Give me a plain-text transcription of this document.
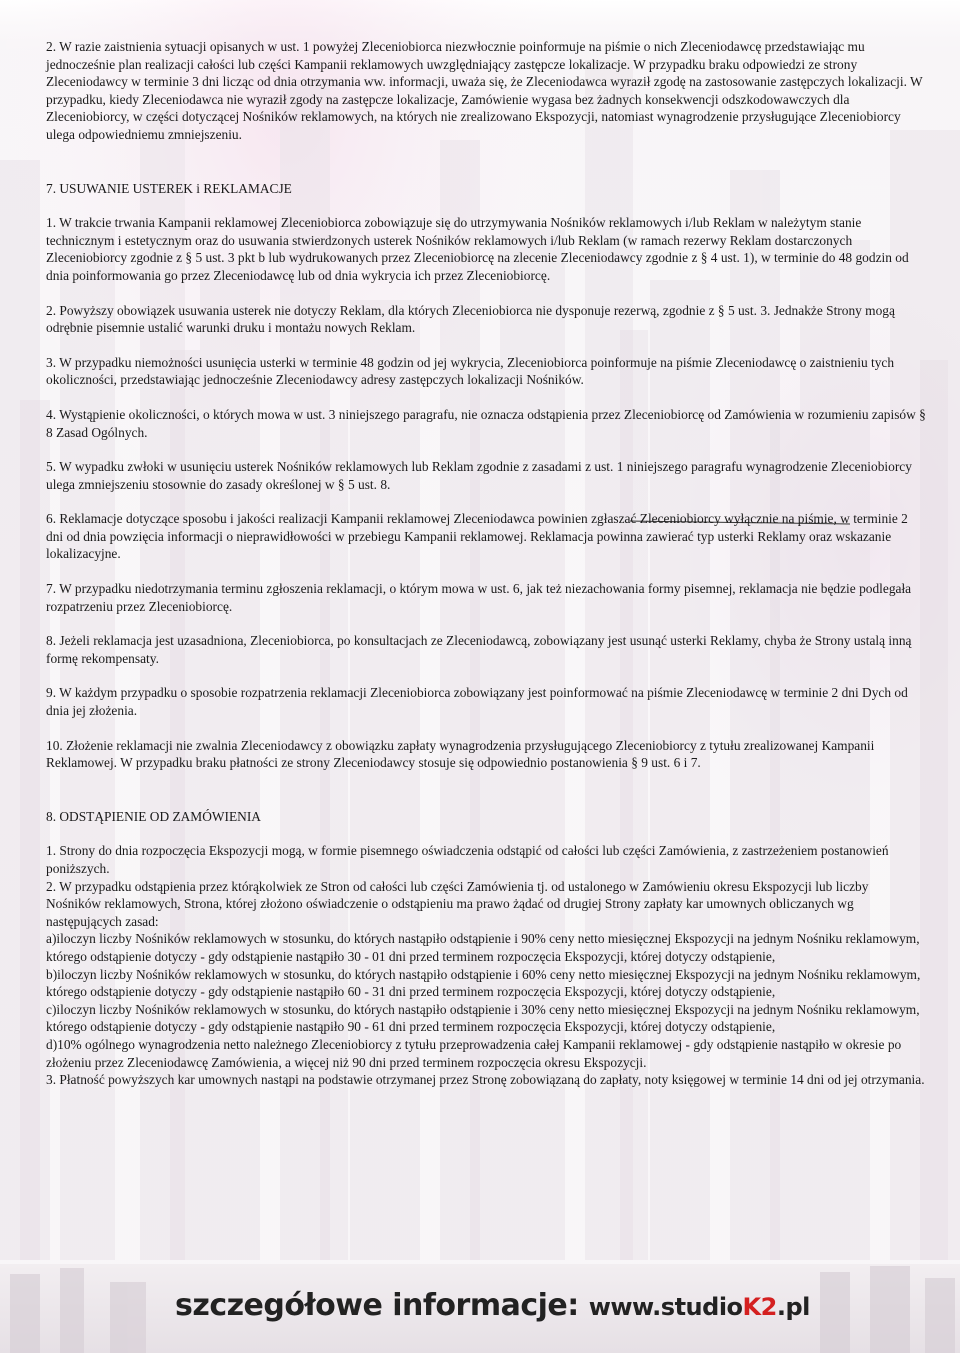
2. W razie zaistnienia sytuacji opisanych w ust. 1 powyżej Zleceniobiorca niezwłocznie poinformuje na piśmie o nich Zleceniodawcę przedstawiając mu jednocześnie plan realizacji całości lub części Kampanii reklamowych uwzględniający zastępcze lokalizacje. W przypadku braku odpowiedzi ze strony Zleceniodawcy w terminie 3 dni licząc od dnia otrzymania ww. informacji, uważa się, że Zleceniodawca wyraził zgodę na zastosowanie zastępczych lokalizacji. W przypadku, kiedy Zleceniodawca nie wyraził zgody na zastępcze lokalizacje, Zamówienie wygasa bez żadnych konsekwencji odszkodowawczych dla Zleceniobiorcy, w części dotyczącej Nośników reklamowych, na których nie zrealizowano Ekspozycji, natomiast wynagrodzenie przysługujące Zleceniobiorcy ulega odpowiedniemu zmniejszeniu.

7. USUWANIE USTEREK i REKLAMACJE

1. W trakcie trwania Kampanii reklamowej Zleceniobiorca zobowiązuje się do utrzymywania Nośników reklamowych i/lub Reklam w należytym stanie technicznym i estetycznym oraz do usuwania stwierdzonych usterek Nośników reklamowych i/lub Reklam (w ramach rezerwy Reklam dostarczonych Zleceniobiorcy zgodnie z § 5 ust. 3 pkt b lub wydrukowanych przez Zleceniobiorcę na zlecenie Zleceniodawcy zgodnie z § 4 ust. 1), w terminie do 48 godzin od dnia poinformowania go przez Zleceniodawcę lub od dnia wykrycia ich przez Zleceniobiorcę.

2. Powyższy obowiązek usuwania usterek nie dotyczy Reklam, dla których Zleceniobiorca nie dysponuje rezerwą, zgodnie z § 5 ust. 3. Jednakże Strony mogą odrębnie pisemnie ustalić warunki druku i montażu nowych Reklam.

3. W przypadku niemożności usunięcia usterki w terminie 48 godzin od jej wykrycia, Zleceniobiorca poinformuje na piśmie Zleceniodawcę o zaistnieniu tych okoliczności, przedstawiając jednocześnie Zleceniodawcy adresy zastępczych lokalizacji Nośników.

4. Wystąpienie okoliczności, o których mowa w ust. 3 niniejszego paragrafu, nie oznacza odstąpienia przez Zleceniobiorcę od Zamówienia w rozumieniu zapisów § 8 Zasad Ogólnych.

5. W wypadku zwłoki w usunięciu usterek Nośników reklamowych lub Reklam zgodnie z zasadami z ust. 1 niniejszego paragrafu wynagrodzenie Zleceniobiorcy ulega zmniejszeniu stosownie do zasady określonej w § 5 ust. 8.

6. Reklamacje dotyczące sposobu i jakości realizacji Kampanii reklamowej Zleceniodawca powinien zgłaszać Zleceniobiorcy wyłącznie na piśmie, w terminie 2 dni od dnia powzięcia informacji o nieprawidłowości w przebiegu Kampanii reklamowej. Reklamacja powinna zawierać typ usterki Reklamy oraz wskazanie lokalizacyjne.

7. W przypadku niedotrzymania terminu zgłoszenia reklamacji, o którym mowa w ust. 6, jak też niezachowania formy pisemnej, reklamacja nie będzie podlegała rozpatrzeniu przez Zleceniobiorcę.

8. Jeżeli reklamacja jest uzasadniona, Zleceniobiorca, po konsultacjach ze Zleceniodawcą, zobowiązany jest usunąć usterki Reklamy, chyba że Strony ustalą inną formę rekompensaty.

9. W każdym przypadku o sposobie rozpatrzenia reklamacji Zleceniobiorca zobowiązany jest poinformować na piśmie Zleceniodawcę w terminie 2 dni Dych od dnia jej złożenia.

10. Złożenie reklamacji nie zwalnia Zleceniodawcy z obowiązku zapłaty wynagrodzenia przysługującego Zleceniobiorcy z tytułu zrealizowanej Kampanii Reklamowej. W przypadku braku płatności ze strony Zleceniodawcy stosuje się odpowiednio postanowienia § 9 ust. 6 i 7.

8. ODSTĄPIENIE OD ZAMÓWIENIA

1. Strony do dnia rozpoczęcia Ekspozycji mogą, w formie pisemnego oświadczenia odstąpić od całości lub części Zamówienia, z zastrzeżeniem postanowień poniższych.

2. W przypadku odstąpienia przez którąkolwiek ze Stron od całości lub części Zamówienia tj. od ustalonego w Zamówieniu okresu Ekspozycji lub liczby Nośników reklamowych, Strona, której złożono oświadczenie o odstąpieniu ma prawo żądać od drugiej Strony zapłaty kar umownych obliczanych wg następujących zasad:

a)iloczyn liczby Nośników reklamowych w stosunku, do których nastąpiło odstąpienie i 90% ceny netto miesięcznej Ekspozycji na jednym Nośniku reklamowym, którego odstąpienie dotyczy - gdy odstąpienie nastąpiło 30 - 01 dni przed terminem rozpoczęcia Ekspozycji, której dotyczy odstąpienie,

b)iloczyn liczby Nośników reklamowych w stosunku, do których nastąpiło odstąpienie i 60% ceny netto miesięcznej Ekspozycji na jednym Nośniku reklamowym, którego odstąpienie dotyczy - gdy odstąpienie nastąpiło 60 - 31 dni przed terminem rozpoczęcia Ekspozycji, której dotyczy odstąpienie,

c)iloczyn liczby Nośników reklamowych w stosunku, do których nastąpiło odstąpienie i 30% ceny netto miesięcznej Ekspozycji na jednym Nośniku reklamowym, którego odstąpienie dotyczy - gdy odstąpienie nastąpiło 90 - 61 dni przed terminem rozpoczęcia Ekspozycji, której dotyczy odstąpienie,

d)10% ogólnego wynagrodzenia netto należnego Zleceniobiorcy z tytułu przeprowadzenia całej Kampanii reklamowej - gdy odstąpienie nastąpiło w okresie po złożeniu przez Zleceniodawcę Zamówienia, a więcej niż 90 dni przed terminem rozpoczęcia okresu Ekspozycji.

3. Płatność powyższych kar umownych nastąpi na podstawie otrzymanej przez Stronę zobowiązaną do zapłaty, noty księgowej w terminie 14 dni od jej otrzymania.

szczegółowe informacje: www.studioK2.pl
